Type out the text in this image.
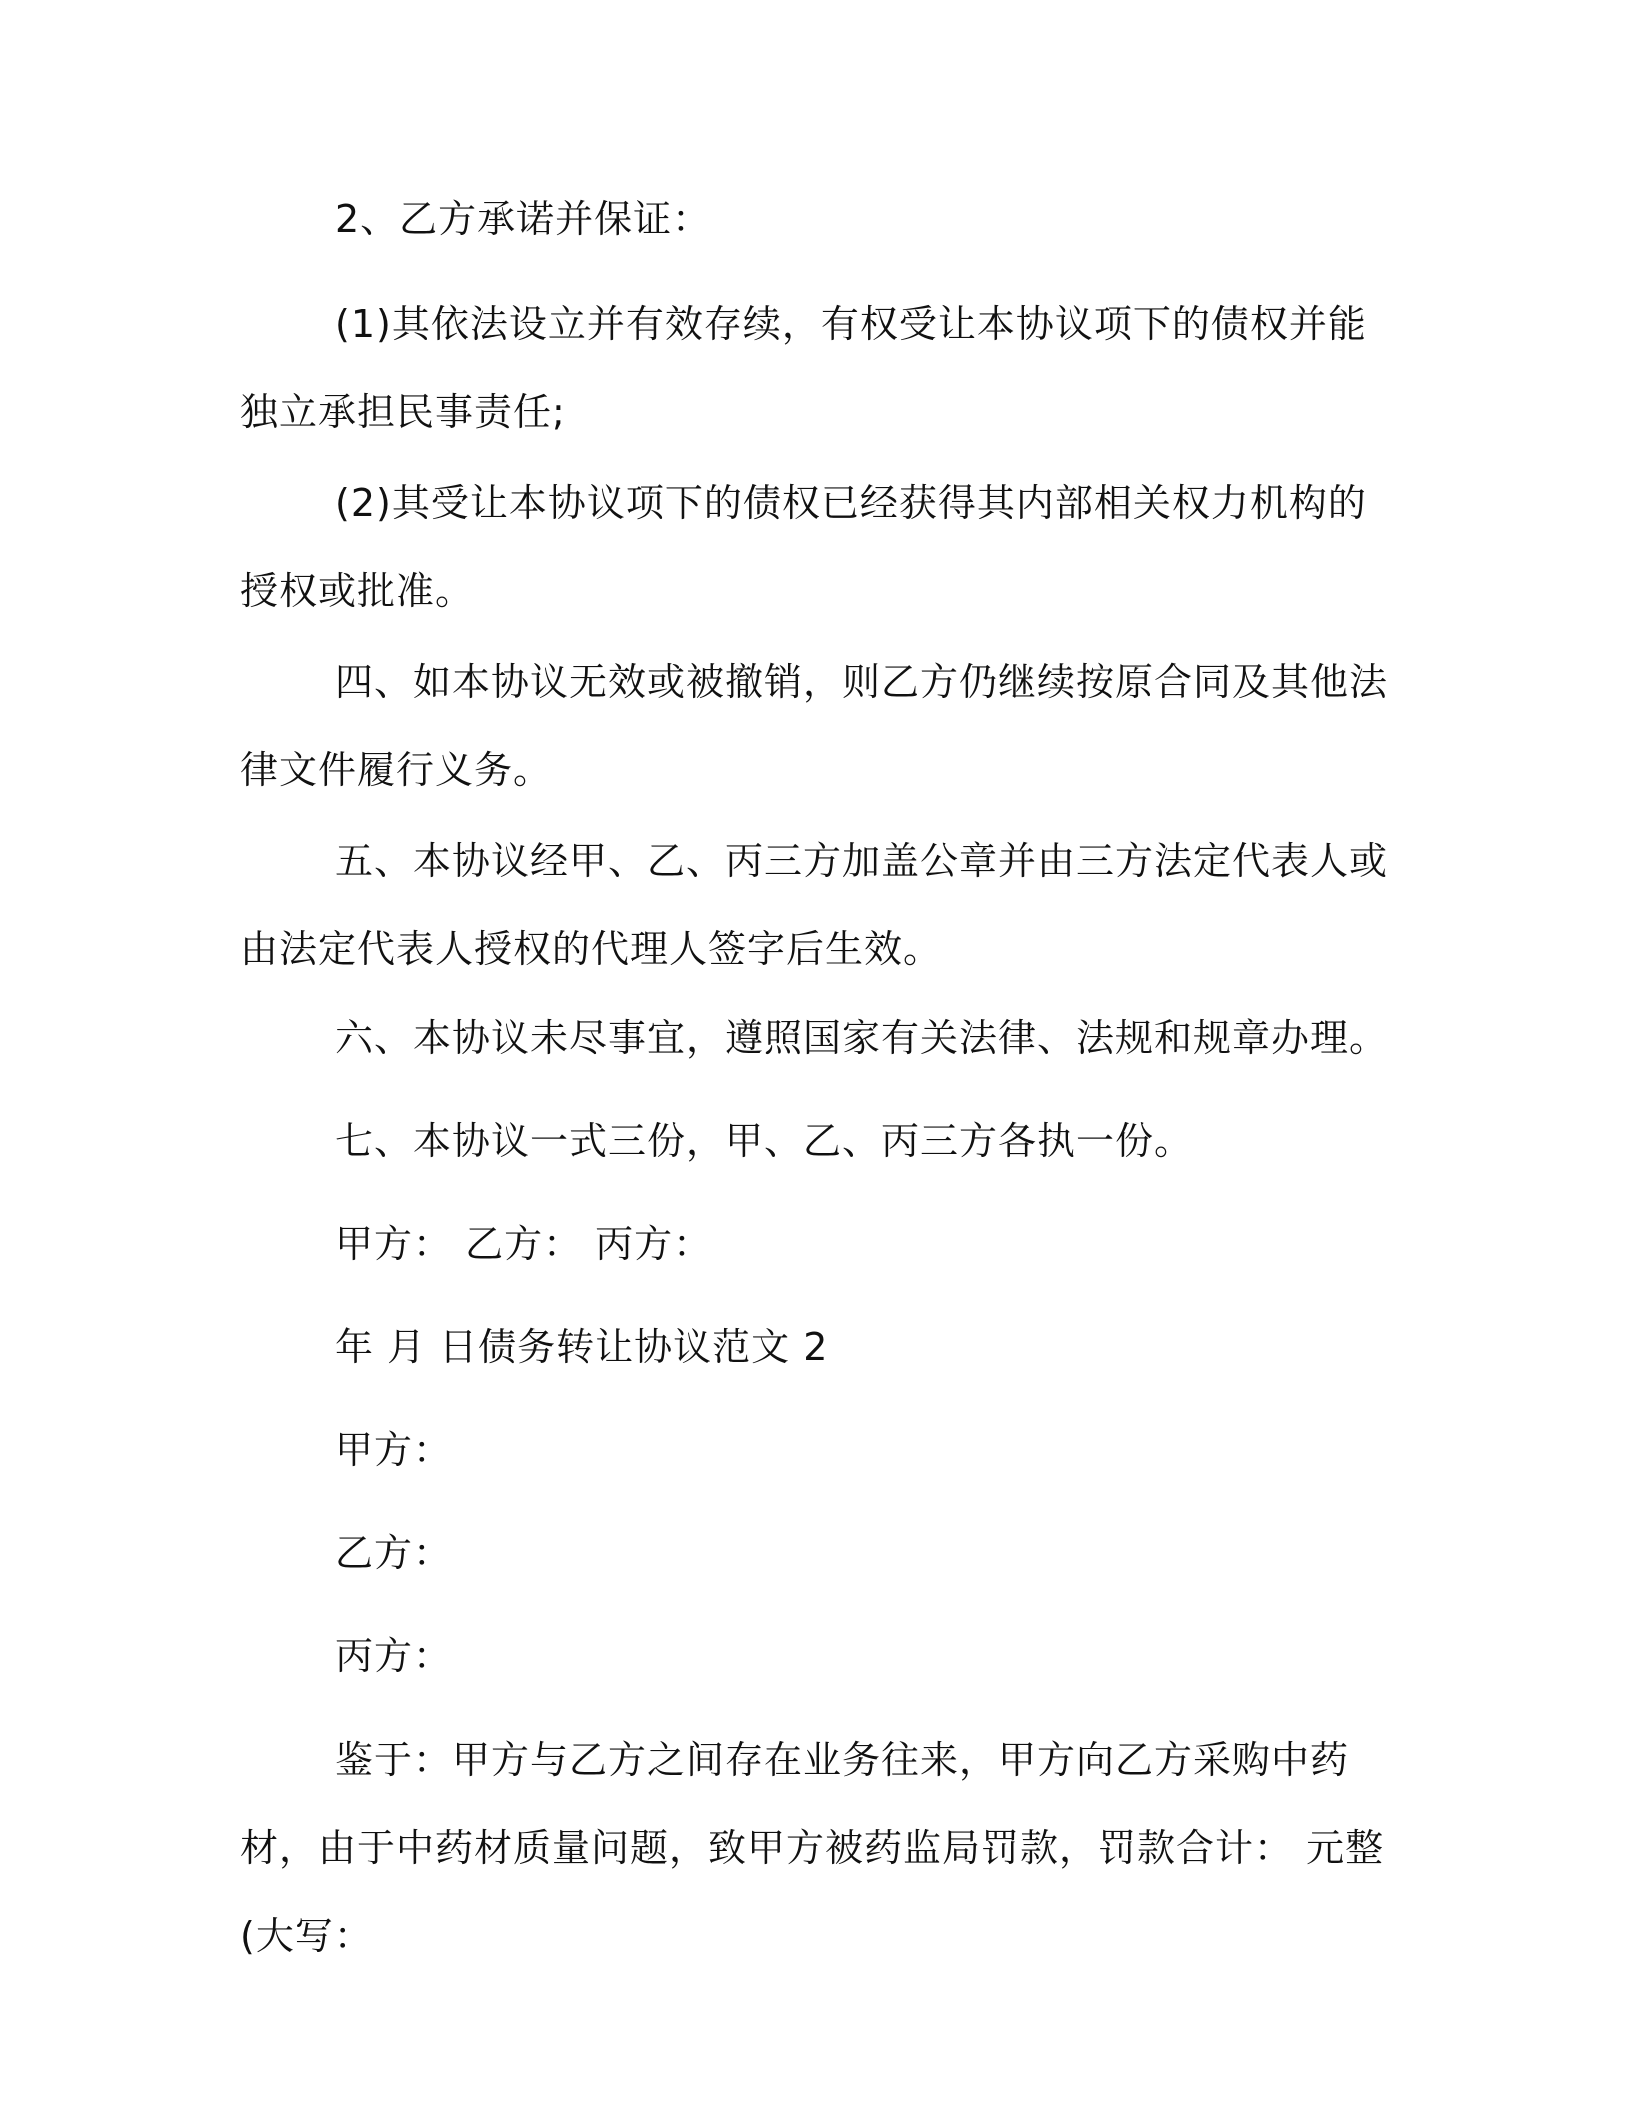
2、乙方承诺并保证：

(1)其依法设立并有效存续，有权受让本协议项下的债权并能独立承担民事责任;

(2)其受让本协议项下的债权已经获得其内部相关权力机构的授权或批准。

四、如本协议无效或被撤销，则乙方仍继续按原合同及其他法律文件履行义务。

五、本协议经甲、乙、丙三方加盖公章并由三方法定代表人或由法定代表人授权的代理人签字后生效。

六、本协议未尽事宜，遵照国家有关法律、法规和规章办理。

七、本协议一式三份，甲、乙、丙三方各执一份。

甲方： 乙方： 丙方：

年 月 日债务转让协议范文 2

甲方：

乙方：

丙方：

鉴于：甲方与乙方之间存在业务往来，甲方向乙方采购中药材，由于中药材质量问题，致甲方被药监局罚款，罚款合计： 元整(大写：
